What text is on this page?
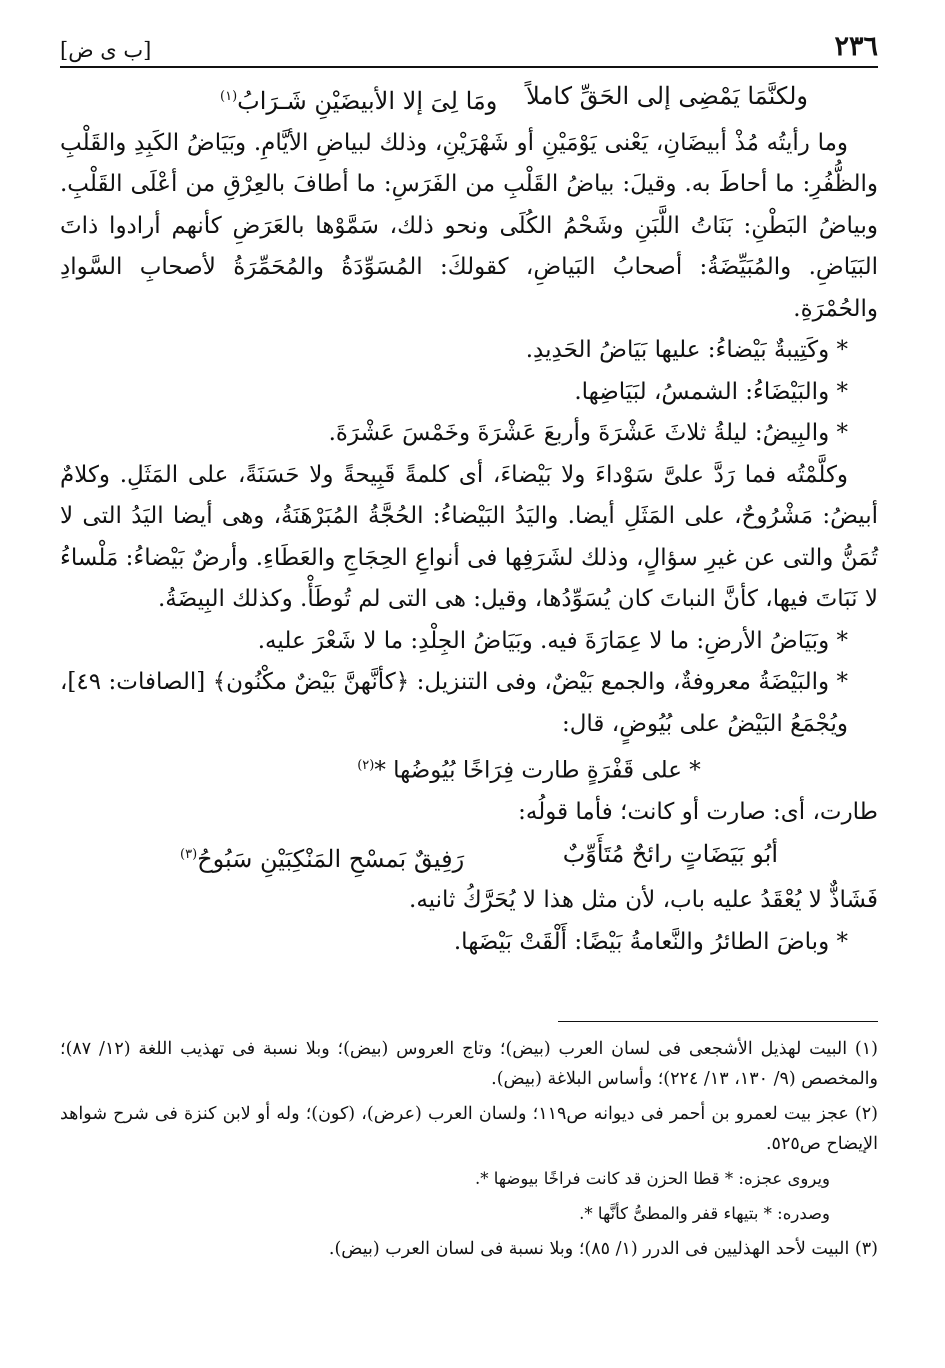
٢٣٦
[ب ى ض]
ولكنَّمَا يَمْضِى إلى الحَقِّ كاملاً
ومَا لِىَ إلا الأبيضَيْنِ شَـرَابُ$^{(١)}$

وما رأيتُه مُذْ أبيضَانِ، يَعْنى يَوْمَيْنِ أو شَهْرَيْنِ، وذلك لبياضِ الأيَّامِ. وبَيَاضُ الكَبِدِ والقَلْبِ والظُّفُرِ: ما أحاطَ به. وقيلَ: بياضُ القَلْبِ من الفَرَسِ: ما أطافَ بالعِرْقِ من أعْلَى القَلْبِ. وبياضُ البَطْنِ: بَنَاتُ اللَّبَنِ وشَحْمُ الكُلَى ونحو ذلك، سَمَّوْها بالعَرَضِ كأنهم أرادوا ذاتَ البَيَاضِ. والمُبَيِّضَةُ: أصحابُ البَياضِ، كقولكَ: المُسَوِّدَةُ والمُحَمِّرَةُ لأصحابِ السَّوادِ والحُمْرَةِ.

* وكَتِيبةٌ بَيْضاءُ: عليها بَيَاضُ الحَدِيدِ.

* والبَيْضَاءُ: الشمسُ، لبَيَاضِها.

* والبِيضُ: ليلةُ ثلاثَ عَشْرَةَ وأربعَ عَشْرَةَ وخَمْسَ عَشْرَةَ.

وكلَّمْتُه فما رَدَّ علىَّ سَوْداءَ ولا بَيْضاءَ، أى كلمةً قَبِيحةً ولا حَسَنَةً، على المَثَلِ. وكلامٌ أبيضُ: مَشْرُوحٌ، على المَثَلِ أيضا. واليَدُ البَيْضاءُ: الحُجَّةُ المُبَرْهَنَةُ، وهى أيضا اليَدُ التى لا تُمَنُّ والتى عن غيرِ سؤالٍ، وذلك لشَرَفِها فى أنواعِ الحِجَاجِ والعَطَاءِ. وأرضٌ بَيْضاءُ: مَلْساءُ لا نَبَاتَ فيها، كأنَّ النباتَ كان يُسَوِّدُها، وقيل: هى التى لم تُوطَأْ. وكذلك البِيضَةُ.

* وبَيَاضُ الأرضِ: ما لا عِمَارَةَ فيه. وبَيَاضُ الجِلْدِ: ما لا شَعْرَ عليه.

* والبَيْضَةُ معروفةٌ، والجمع بَيْضٌ، وفى التنزيل: ﴿كأنَّهنَّ بَيْضٌ مكْنُون﴾ [الصافات: ٤٩]، ويُجْمَعُ البَيْضُ على بُيُوضٍ، قال:

* على قَفْرَةٍ طارت فِرَاخًا بُيُوضُها *$^{(٢)}$

طارت، أى: صارت أو كانت؛ فأما قولُه:

أبُو بَيَضَاتٍ رائحٌ مُتَأَوِّبٌ
رَفِيقٌ بَمسْحِ المَنْكِبَيْنِ سَبُوحُ$^{(٣)}$

فَشَاذٌّ لا يُعْقَدُ عليه باب، لأن مثل هذا لا يُحَرَّكُ ثانيه.

* وباضَ الطائرُ والنَّعامةُ بَيْضًا: أَلْقَتْ بَيْضَها.

(١) البيت لهذيل الأشجعى فى لسان العرب (بيض)؛ وتاج العروس (بيض)؛ وبلا نسبة فى تهذيب اللغة (١٢/ ٨٧)؛ والمخصص (٩/ ١٣٠، ١٣/ ٢٢٤)؛ وأساس البلاغة (بيض).

(٢) عجز بيت لعمرو بن أحمر فى ديوانه ص١١٩؛ ولسان العرب (عرض)، (كون)؛ وله أو لابن كنزة فى شرح شواهد الإيضاح ص٥٢٥.

ويروى عجزه: * قطا الحزن قد كانت فراخًا بيوضها *.

وصدره: * بتيهاء قفر والمطىُّ كأنَّها *.

(٣) البيت لأحد الهذليين فى الدرر (١/ ٨٥)؛ وبلا نسبة فى لسان العرب (بيض).
